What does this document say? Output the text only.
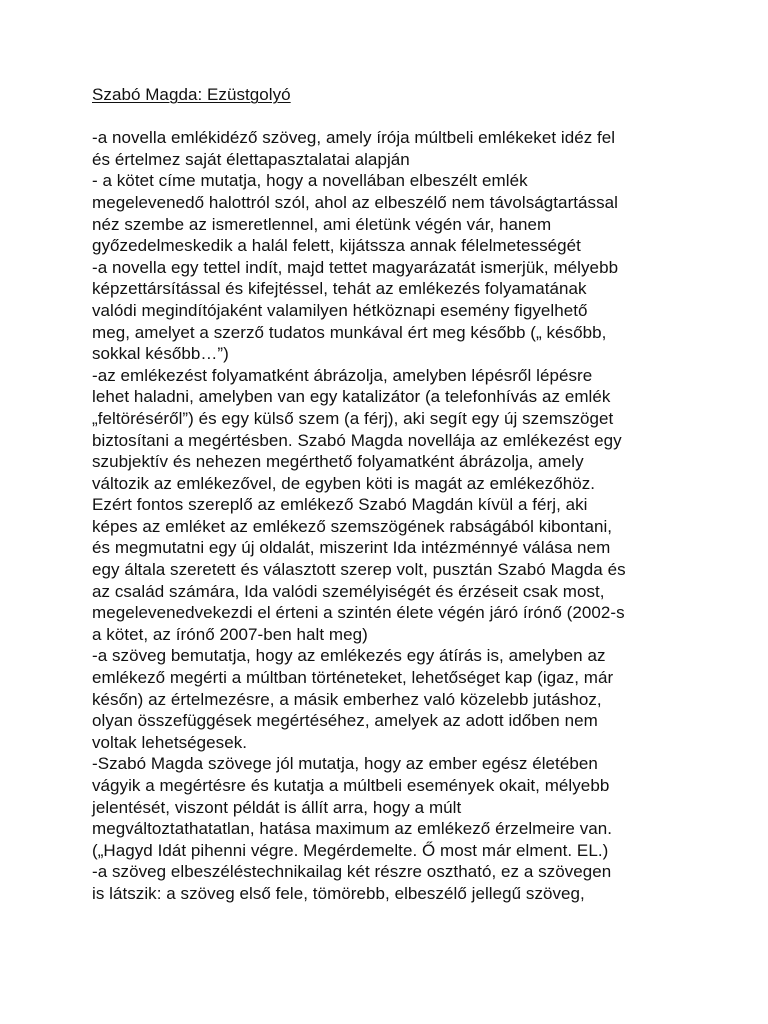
Szabó Magda: Ezüstgolyó

-a novella emlékidéző szöveg, amely írója múltbeli emlékeket idéz fel

és értelmez saját élettapasztalatai alapján

- a kötet címe mutatja, hogy a novellában elbeszélt emlék

megelevenedő halottról szól, ahol az elbeszélő nem távolságtartással

néz szembe az ismeretlennel, ami életünk végén vár, hanem

győzedelmeskedik a halál felett, kijátssza annak félelmetességét

-a novella egy tettel indít, majd tettet magyarázatát ismerjük, mélyebb

képzettársítással és kifejtéssel, tehát az emlékezés folyamatának

valódi megindítójaként valamilyen hétköznapi esemény figyelhető

meg, amelyet a szerző tudatos munkával ért meg később („ később,

sokkal később…”)

-az emlékezést folyamatként ábrázolja, amelyben lépésről lépésre

lehet haladni, amelyben van egy katalizátor (a telefonhívás az emlék

„feltöréséről”) és egy külső szem (a férj), aki segít egy új szemszöget

biztosítani a megértésben. Szabó Magda novellája az emlékezést egy

szubjektív és nehezen megérthető folyamatként ábrázolja, amely

változik az emlékezővel, de egyben köti is magát az emlékezőhöz.

Ezért fontos szereplő az emlékező Szabó Magdán kívül a férj, aki

képes az emléket az emlékező szemszögének rabságából kibontani,

és megmutatni egy új oldalát, miszerint Ida intézménnyé válása nem

egy általa szeretett és választott szerep volt, pusztán Szabó Magda és

az család számára, Ida valódi személyiségét és érzéseit csak most,

megelevenedvekezdi el érteni a szintén élete végén járó írónő (2002-s

a kötet, az írónő 2007-ben halt meg)

-a szöveg bemutatja, hogy az emlékezés egy átírás is, amelyben az

emlékező megérti a múltban történeteket, lehetőséget kap (igaz, már

későn) az értelmezésre, a másik emberhez való közelebb jutáshoz,

olyan összefüggések megértéséhez, amelyek az adott időben nem

voltak lehetségesek.

-Szabó Magda szövege jól mutatja, hogy az ember egész életében

vágyik a megértésre és kutatja a múltbeli események okait, mélyebb

jelentését, viszont példát is állít arra, hogy a múlt

megváltoztathatatlan, hatása maximum az emlékező érzelmeire van.

(„Hagyd Idát pihenni végre. Megérdemelte. Ő most már elment. EL.)

-a szöveg elbeszéléstechnikailag két részre osztható, ez a szövegen

is látszik: a szöveg első fele, tömörebb, elbeszélő jellegű szöveg,
